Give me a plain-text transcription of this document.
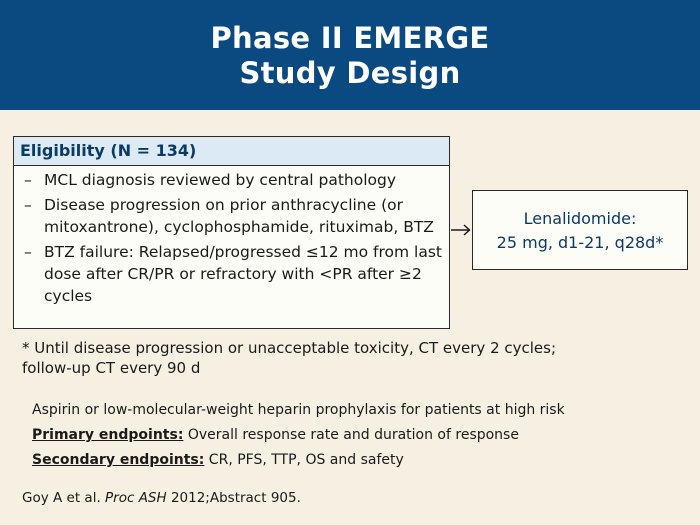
Phase II EMERGE
Study Design
Eligibility (N = 134)
– MCL diagnosis reviewed by central pathology
– Disease progression on prior anthracycline (or mitoxantrone), cyclophosphamide, rituximab, BTZ
– BTZ failure: Relapsed/progressed ≤12 mo from last dose after CR/PR or refractory with <PR after ≥2 cycles
Lenalidomide:
25 mg, d1-21, q28d*
* Until disease progression or unacceptable toxicity, CT every 2 cycles; follow-up CT every 90 d
Aspirin or low-molecular-weight heparin prophylaxis for patients at high risk
Primary endpoints: Overall response rate and duration of response
Secondary endpoints: CR, PFS, TTP, OS and safety
Goy A et al. Proc ASH 2012;Abstract 905.
